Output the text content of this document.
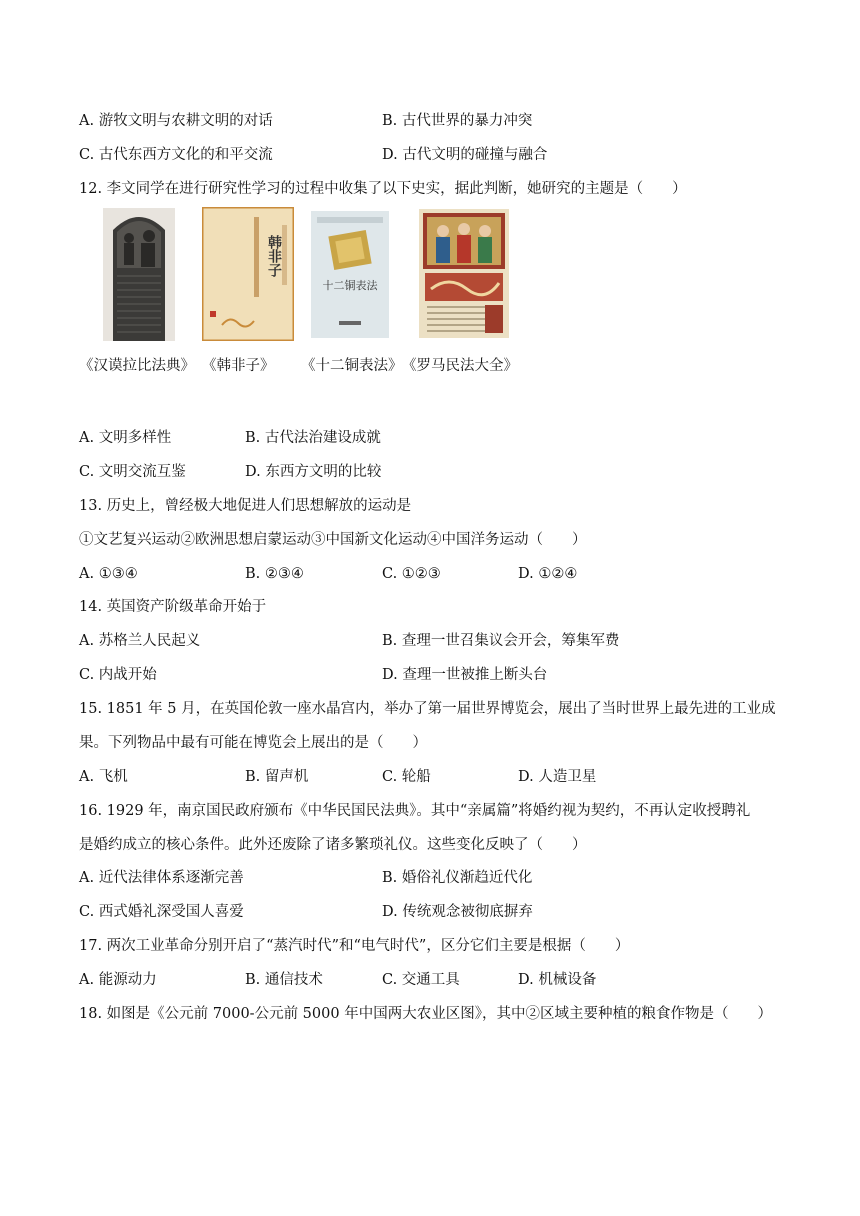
A. 游牧文明与农耕文明的对话	B. 古代世界的暴力冲突
C. 古代东西方文化的和平交流	D. 古代文明的碰撞与融合
12. 李文同学在进行研究性学习的过程中收集了以下史实，据此判断，她研究的主题是（　　）
韩非子
十二铜表法
《汉谟拉比法典》 《韩非子》 《十二铜表法》 《罗马民法大全》
A. 文明多样性	B. 古代法治建设成就
C. 文明交流互鉴	D. 东西方文明的比较
13. 历史上，曾经极大地促进人们思想解放的运动是
①文艺复兴运动②欧洲思想启蒙运动③中国新文化运动④中国洋务运动（　　）
A. ①③④	B. ②③④	C. ①②③	D. ①②④
14. 英国资产阶级革命开始于
A. 苏格兰人民起义	B. 查理一世召集议会开会，筹集军费
C. 内战开始	D. 查理一世被推上断头台
15. 1851 年 5 月，在英国伦敦一座水晶宫内，举办了第一届世界博览会，展出了当时世界上最先进的工业成
果。下列物品中最有可能在博览会上展出的是（　　）
A. 飞机	B. 留声机	C. 轮船	D. 人造卫星
16. 1929 年，南京国民政府颁布《中华民国民法典》。其中“亲属篇”将婚约视为契约，不再认定收授聘礼
是婚约成立的核心条件。此外还废除了诸多繁琐礼仪。这些变化反映了（　　）
A. 近代法律体系逐渐完善	B. 婚俗礼仪渐趋近代化
C. 西式婚礼深受国人喜爱	D. 传统观念被彻底摒弃
17. 两次工业革命分别开启了“蒸汽时代”和“电气时代”，区分它们主要是根据（　　）
A. 能源动力	B. 通信技术	C. 交通工具	D. 机械设备
18. 如图是《公元前 7000-公元前 5000 年中国两大农业区图》，其中②区域主要种植的粮食作物是（　　）
